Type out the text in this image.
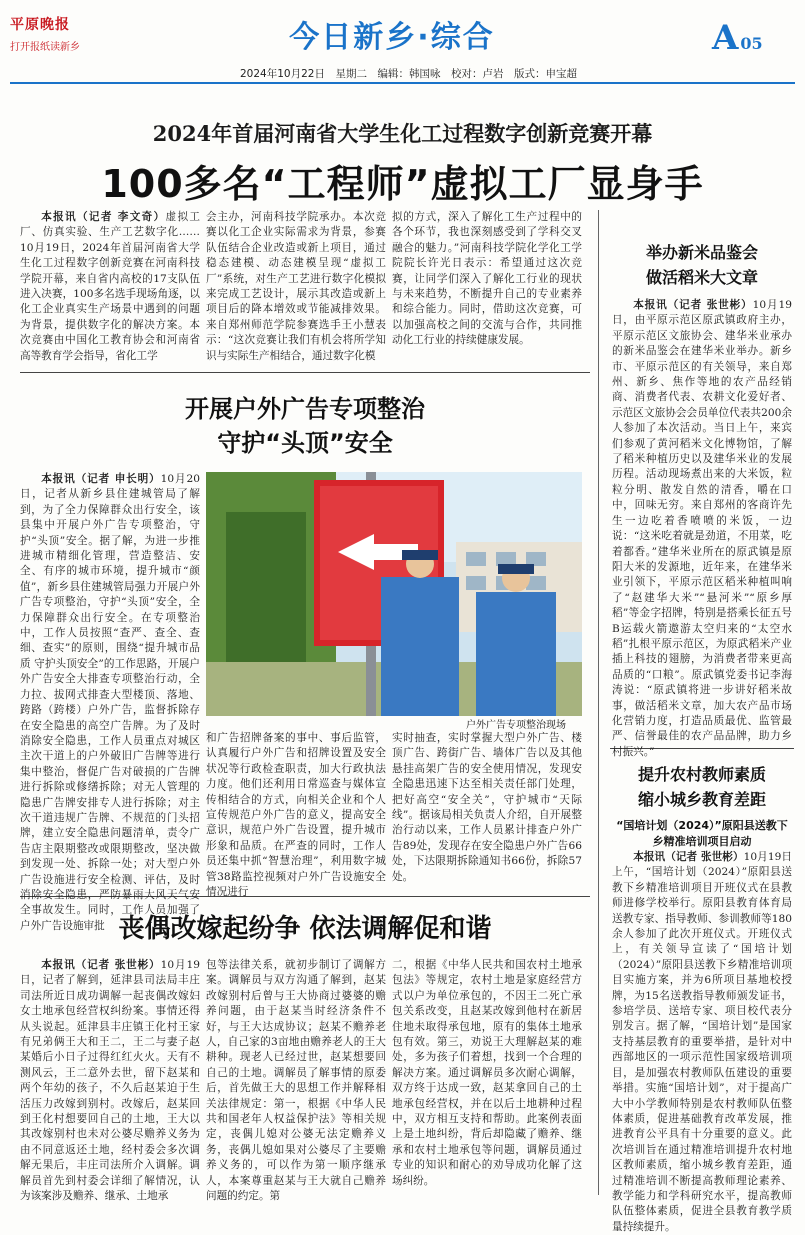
平原晚报
打开报纸读新乡	今日新乡·综合	A 05
2024年10月22日　星期二　编辑：韩国咏　校对：卢岩　版式：申宝超
2024年首届河南省大学生化工过程数字创新竞赛开幕
100多名“工程师”虚拟工厂显身手

本报讯（记者 李文奇）虚拟工厂、仿真实验、生产工艺数字化……10月19日，2024年首届河南省大学生化工过程数字创新竞赛在河南科技学院开幕，来自省内高校的17支队伍进入决赛，100多名选手现场角逐，以化工企业真实生产场景中遇到的问题为背景，提供数字化的解决方案。本次竞赛由中国化工教育协会和河南省高等教育学会指导，省化工学

会主办，河南科技学院承办。本次竞赛以化工企业实际需求为背景，参赛队伍结合企业改造或新上项目，通过稳态建模、动态建模呈现“虚拟工厂”系统，对生产工艺进行数字化模拟来完成工艺设计，展示其改造或新上项目后的降本增效或节能减排效果。来自郑州师范学院参赛选手王小慧表示：“这次竞赛让我们有机会将所学知识与实际生产相结合，通过数字化模

拟的方式，深入了解化工生产过程中的各个环节，我也深刻感受到了学科交叉融合的魅力。”河南科技学院化学化工学院院长许光日表示：希望通过这次竞赛，让同学们深入了解化工行业的现状与未来趋势，不断提升自己的专业素养和综合能力。同时，借助这次竞赛，可以加强高校之间的交流与合作，共同推动化工行业的持续健康发展。

举办新米品鉴会
做活稻米大文章

本报讯（记者 张世彬）10月19日，由平原示范区原武镇政府主办，平原示范区文旅协会、建华米业承办的新米品鉴会在建华米业举办。新乡市、平原示范区的有关领导，来自郑州、新乡、焦作等地的农产品经销商、消费者代表、农耕文化爱好者、示范区文旅协会会员单位代表共200余人参加了本次活动。当日上午，来宾们参观了黄河稻米文化博物馆，了解了稻米种植历史以及建华米业的发展历程。活动现场煮出来的大米饭，粒粒分明、散发自然的清香，嚼在口中，回味无穷。来自郑州的客商许先生一边吃着香喷喷的米饭，一边说：“这米吃着就是劲道，不用菜，吃着都香。”建华米业所在的原武镇是原阳大米的发源地，近年来，在建华米业引领下，平原示范区稻米种植叫响了“赵建华大米”“悬河米”“原乡厚稻”等金字招牌，特别是搭乘长征五号B运载火箭遨游太空归来的“太空水稻”扎根平原示范区，为原武稻米产业插上科技的翅膀，为消费者带来更高品质的“口粮”。原武镇党委书记李海涛说：“原武镇将进一步讲好稻米故事，做活稻米文章，加大农产品市场化营销力度，打造品质最优、监管最严、信誉最佳的农产品品牌，助力乡村振兴。”

开展户外广告专项整治
守护“头顶”安全

本报讯（记者 申长明）10月20日，记者从新乡县住建城管局了解到，为了全力保障群众出行安全，该县集中开展户外广告专项整治，守护“头顶”安全。据了解，为进一步推进城市精细化管理，营造整洁、安全、有序的城市环境，提升城市“颜值”，新乡县住建城管局强力开展户外广告专项整治，守护“头顶”安全，全力保障群众出行安全。在专项整治中，工作人员按照“查严、查全、查细、查实”的原则，围绕“提升城市品质 守护头顶安全”的工作思路，开展户外广告安全大排查专项整治行动，全力拉、拔网式排查大型楼顶、落地、跨路（跨楼）户外广告，监督拆除存在安全隐患的高空广告牌。为了及时消除安全隐患，工作人员重点对城区主次干道上的户外破旧广告牌等进行集中整治，督促广告对破损的广告牌进行拆除或修缮拆除；对无人管理的隐患广告牌安排专人进行拆除；对主次干道违规广告牌、不规范的门头招牌，建立安全隐患问题清单，责令广告店主限期整改或限期整改，坚决做到发现一处、拆除一处；对大型户外广告设施进行安全检测、评估，及时消除安全隐患，严防暴雨大风天气安全事故发生。同时，工作人员加强了户外广告设施审批

户外广告专项整治现场

和广告招牌备案的事中、事后监管，认真履行户外广告和招牌设置及安全状况等行政检查职责，加大行政执法力度。他们还利用日常巡查与媒体宣传相结合的方式，向相关企业和个人宣传规范户外广告的意义，提高安全意识，规范户外广告设置，提升城市形象和品质。在严查的同时，工作人员还集中抓“智慧治理”，利用数字城管38路监控视频对户外广告设施安全情况进行

实时抽查，实时掌握大型户外广告、楼顶广告、跨街广告、墙体广告以及其他悬挂高架广告的安全使用情况，发现安全隐患迅速下达至相关责任部门处理，把好高空“安全关”，守护城市“天际线”。据该局相关负责人介绍，自开展整治行动以来，工作人员累计排查户外广告89处，发现存在安全隐患户外广告66处，下达限期拆除通知书66份，拆除57处。

提升农村教师素质
缩小城乡教育差距
“国培计划（2024）”原阳县送教下乡精准培训项目启动

本报讯（记者 张世彬）10月19日上午，“国培计划（2024）”原阳县送教下乡精准培训项目开班仪式在县教师进修学校举行。原阳县教育体育局送教专家、指导教师、参训教师等180余人参加了此次开班仪式。开班仪式上，有关领导宣读了“国培计划（2024）”原阳县送教下乡精准培训项目实施方案，并为6所项目基地校授牌，为15名送教指导教师颁发证书，参培学员、送培专家、项目校代表分别发言。据了解，“国培计划”是国家支持基层教育的重要举措，是针对中西部地区的一项示范性国家级培训项目，是加强农村教师队伍建设的重要举措。实施“国培计划”，对于提高广大中小学教师特别是农村教师队伍整体素质，促进基础教育改革发展，推进教育公平具有十分重要的意义。此次培训旨在通过精准培训提升农村地区教师素质，缩小城乡教育差距，通过精准培训不断提高教师理论素养、教学能力和学科研究水平，提高教师队伍整体素质，促进全县教育教学质量持续提升。

丧偶改嫁起纷争 依法调解促和谐

本报讯（记者 张世彬）10月19日，记者了解到，延津县司法局丰庄司法所近日成功调解一起丧偶改嫁妇女土地承包经营权纠纷案。事情还得从头说起。延津县丰庄镇王化村王家有兄弟俩王大和王二，王二与妻子赵某婚后小日子过得红红火火。天有不测风云，王二意外去世，留下赵某和两个年幼的孩子，不久后赵某迫于生活压力改嫁到别村。改嫁后，赵某回到王化村想要回自己的土地，王大以其改嫁别村也未对公婆尽赡养义务为由不同意返还土地，经村委会多次调解无果后，丰庄司法所介入调解。调解员首先到村委会详细了解情况，认为该案涉及赡养、继承、土地承

包等法律关系，就初步制订了调解方案。调解员与双方沟通了解到，赵某改嫁别村后曾与王大协商过婆婆的赡养问题，由于赵某当时经济条件不好，与王大达成协议；赵某不赡养老人，自己家的3亩地由赡养老人的王大耕种。现老人已经过世，赵某想要回自己的土地。调解员了解事情的原委后，首先做王大的思想工作并解释相关法律规定：第一，根据《中华人民共和国老年人权益保护法》等相关规定，丧偶儿媳对公婆无法定赡养义务，丧偶儿媳如果对公婆尽了主要赡养义务的，可以作为第一顺序继承人，本案尊重赵某与王大就自己赡养问题的约定。第

二，根据《中华人民共和国农村土地承包法》等规定，农村土地是家庭经营方式以户为单位承包的，不因王二死亡承包关系改变，且赵某改嫁到他村在新居住地未取得承包地，原有的集体土地承包有效。第三，劝说王大理解赵某的难处，多为孩子们着想，找到一个合理的解决方案。通过调解员多次耐心调解，双方终于达成一致，赵某拿回自己的土地承包经营权，并在以后土地耕种过程中，双方相互支持和帮助。此案例表面上是土地纠纷，背后却隐藏了赡养、继承和农村土地承包等问题，调解员通过专业的知识和耐心的劝导成功化解了这场纠纷。
